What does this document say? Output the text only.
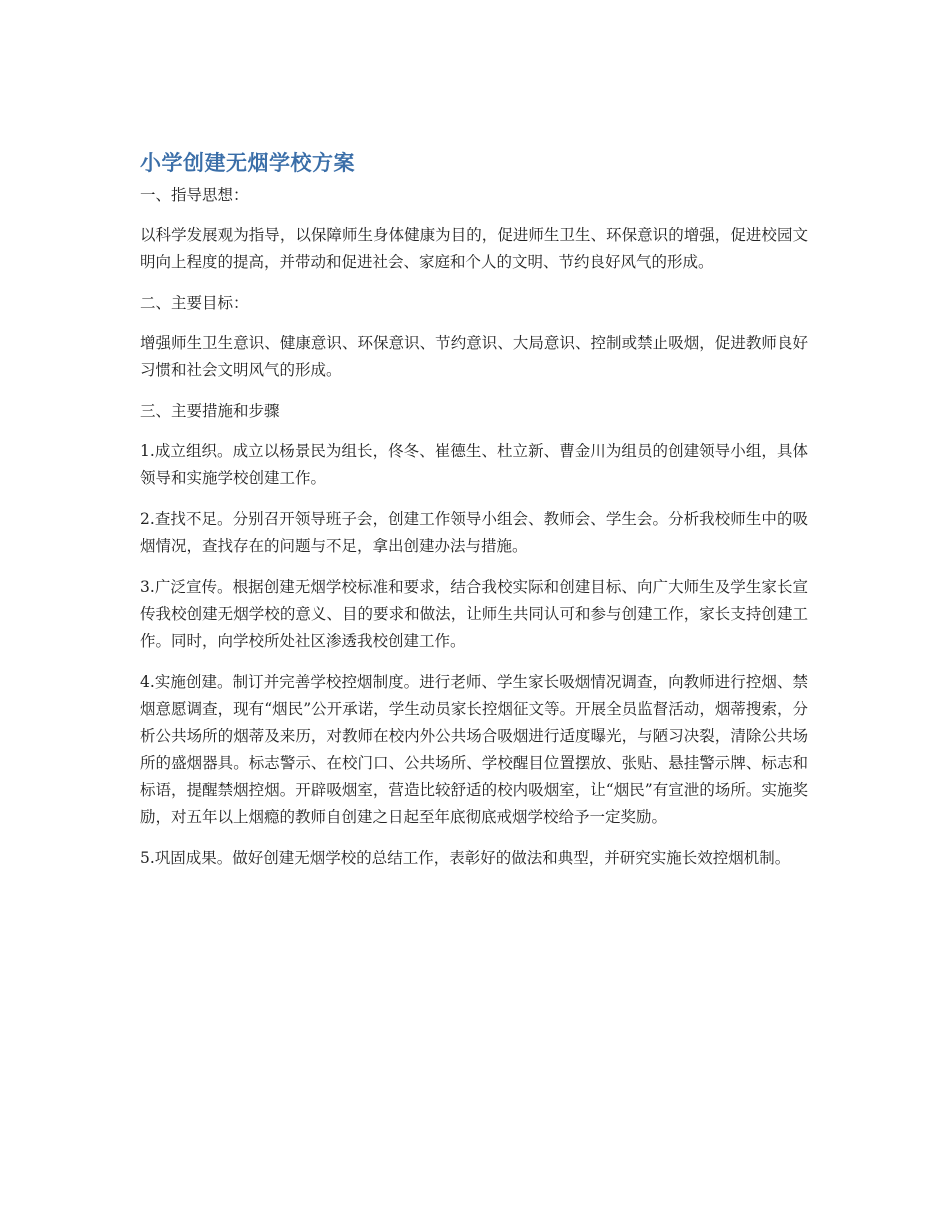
小学创建无烟学校方案
一、指导思想：

以科学发展观为指导，以保障师生身体健康为目的，促进师生卫生、环保意识的增强，促进校园文明向上程度的提高，并带动和促进社会、家庭和个人的文明、节约良好风气的形成。

二、主要目标：

增强师生卫生意识、健康意识、环保意识、节约意识、大局意识、控制或禁止吸烟，促进教师良好习惯和社会文明风气的形成。

三、主要措施和步骤

1.成立组织。成立以杨景民为组长，佟冬、崔德生、杜立新、曹金川为组员的创建领导小组，具体领导和实施学校创建工作。

2.查找不足。分别召开领导班子会，创建工作领导小组会、教师会、学生会。分析我校师生中的吸烟情况，查找存在的问题与不足，拿出创建办法与措施。

3.广泛宣传。根据创建无烟学校标准和要求，结合我校实际和创建目标、向广大师生及学生家长宣传我校创建无烟学校的意义、目的要求和做法，让师生共同认可和参与创建工作，家长支持创建工作。同时，向学校所处社区渗透我校创建工作。

4.实施创建。制订并完善学校控烟制度。进行老师、学生家长吸烟情况调查，向教师进行控烟、禁烟意愿调查，现有“烟民”公开承诺，学生动员家长控烟征文等。开展全员监督活动，烟蒂搜索，分析公共场所的烟蒂及来历，对教师在校内外公共场合吸烟进行适度曝光，与陋习决裂，清除公共场所的盛烟器具。标志警示、在校门口、公共场所、学校醒目位置摆放、张贴、悬挂警示牌、标志和标语，提醒禁烟控烟。开辟吸烟室，营造比较舒适的校内吸烟室，让“烟民”有宣泄的场所。实施奖励，对五年以上烟瘾的教师自创建之日起至年底彻底戒烟学校给予一定奖励。

5.巩固成果。做好创建无烟学校的总结工作，表彰好的做法和典型，并研究实施长效控烟机制。
